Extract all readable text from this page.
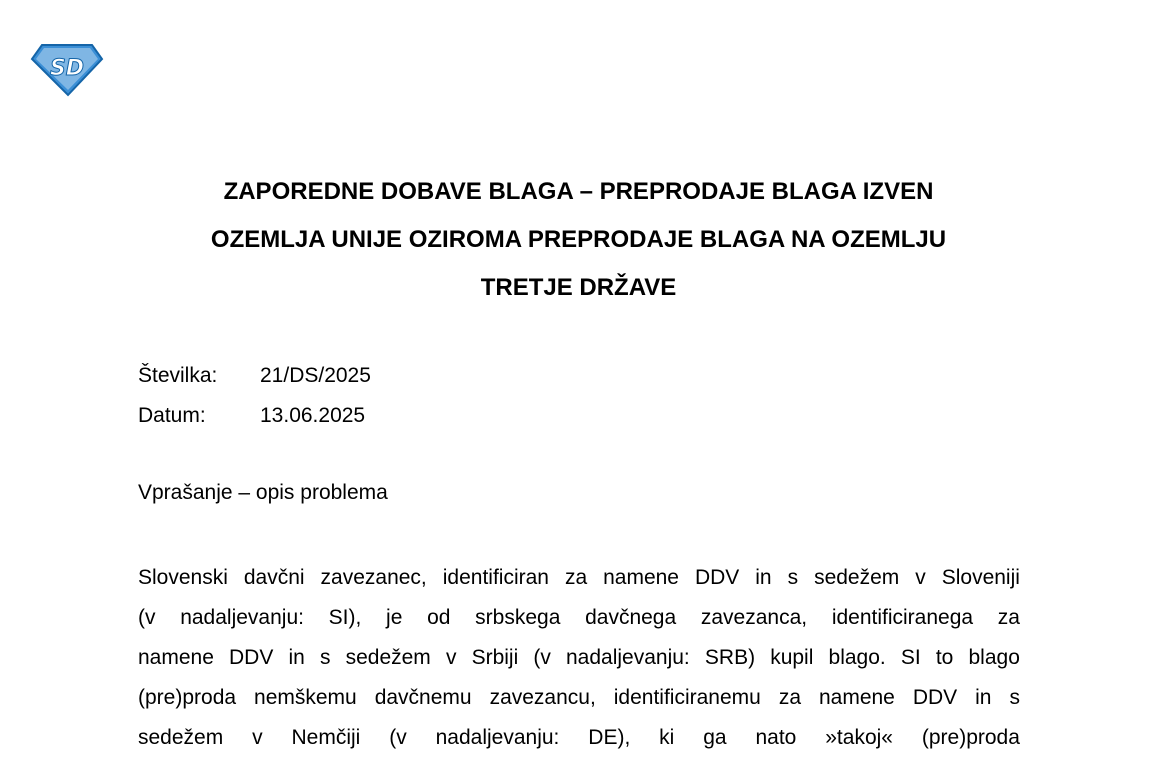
SD
ZAPOREDNE DOBAVE BLAGA – PREPRODAJE BLAGA IZVEN
OZEMLJA UNIJE OZIROMA PREPRODAJE BLAGA NA OZEMLJU
TRETJE DRŽAVE
Številka:	21/DS/2025
Datum:	13.06.2025
Vprašanje – opis problema
Slovenski davčni zavezanec, identificiran za namene DDV in s sedežem v Sloveniji
(v nadaljevanju: SI), je od srbskega davčnega zavezanca, identificiranega za
namene DDV in s sedežem v Srbiji (v nadaljevanju: SRB) kupil blago. SI to blago
(pre)proda nemškemu davčnemu zavezancu, identificiranemu za namene DDV in s
sedežem v Nemčiji (v nadaljevanju: DE), ki ga nato »takoj« (pre)proda
